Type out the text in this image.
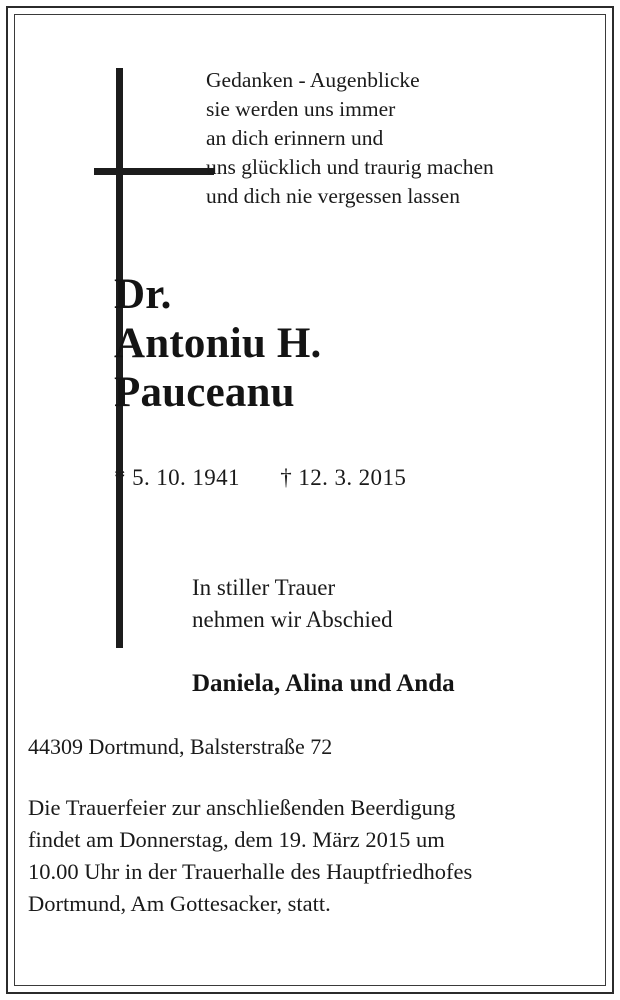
Gedanken - Augenblicke
sie werden uns immer
an dich erinnern und
uns glücklich und traurig machen
und dich nie vergessen lassen
Dr.
Antoniu H.
Pauceanu
* 5. 10. 1941 † 12. 3. 2015
In stiller Trauer
nehmen wir Abschied
Daniela, Alina und Anda
44309 Dortmund, Balsterstraße 72
Die Trauerfeier zur anschließenden Beerdigung
findet am Donnerstag, dem 19. März 2015 um
10.00 Uhr in der Trauerhalle des Hauptfriedhofes
Dortmund, Am Gottesacker, statt.
